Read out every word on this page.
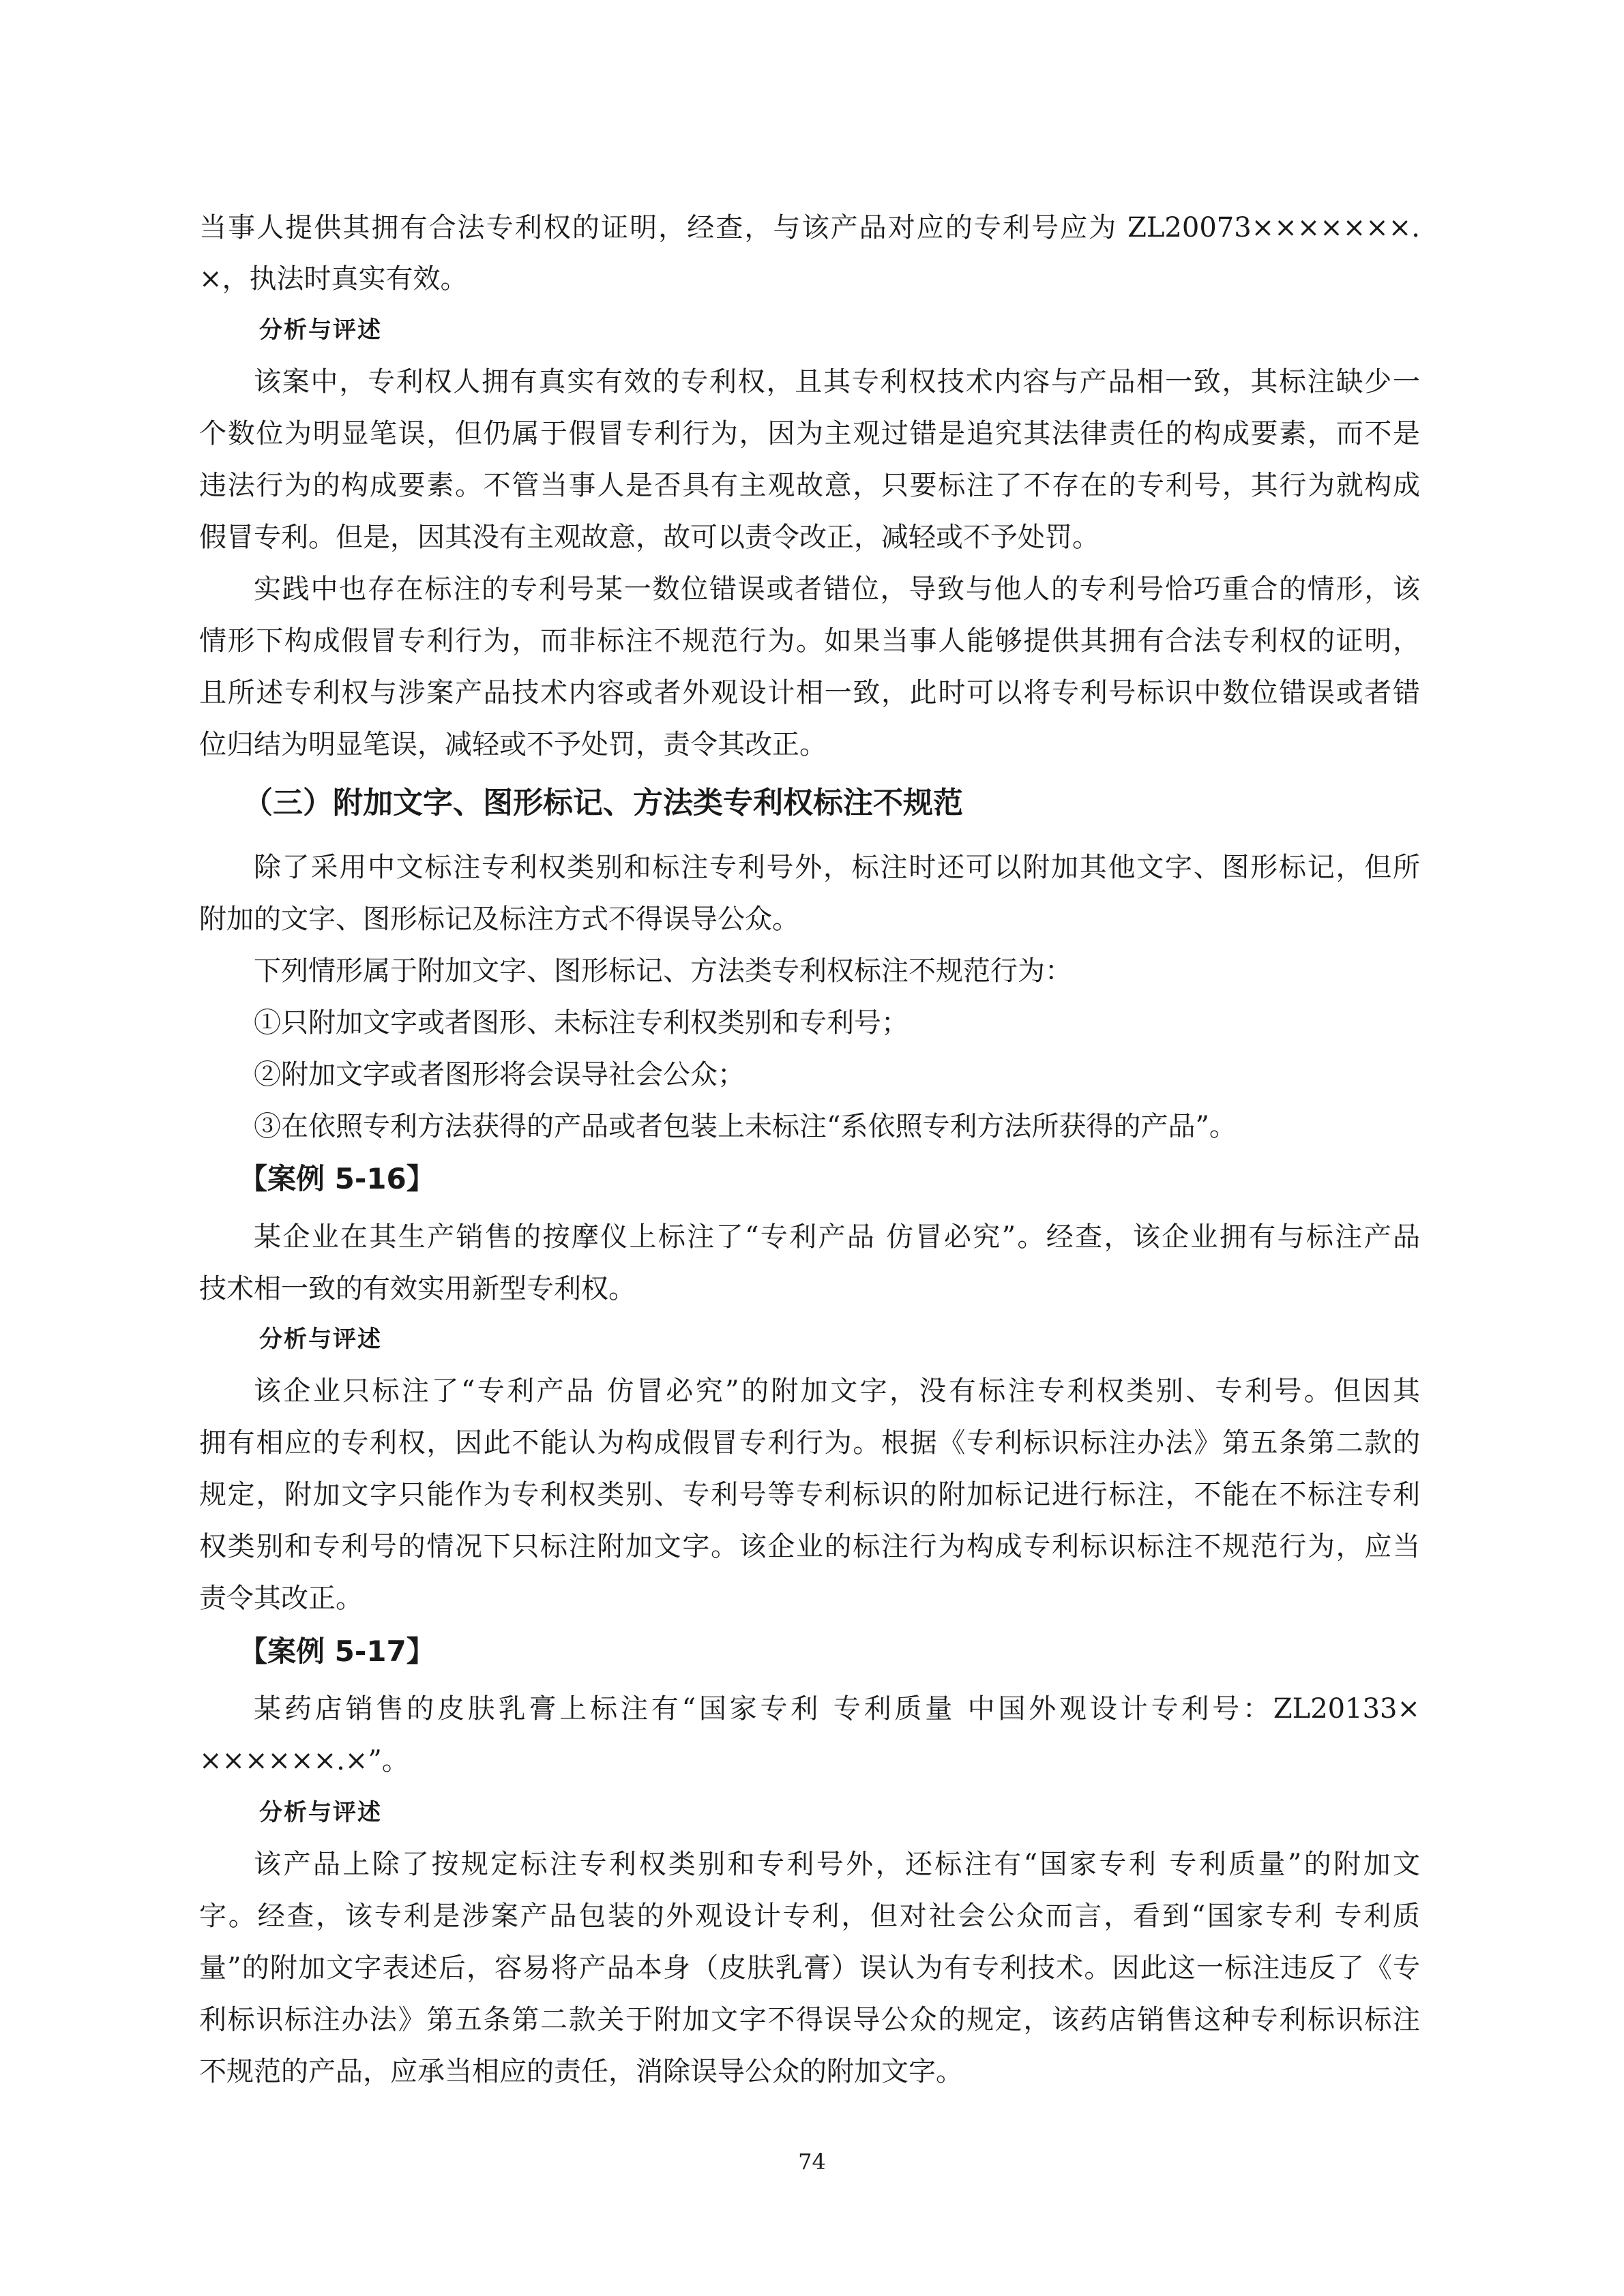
当事人提供其拥有合法专利权的证明，经查，与该产品对应的专利号应为 ZL20073×××××××.
×，执法时真实有效。
分析与评述
该案中，专利权人拥有真实有效的专利权，且其专利权技术内容与产品相一致，其标注缺少一
个数位为明显笔误，但仍属于假冒专利行为，因为主观过错是追究其法律责任的构成要素，而不是
违法行为的构成要素。不管当事人是否具有主观故意，只要标注了不存在的专利号，其行为就构成
假冒专利。但是，因其没有主观故意，故可以责令改正，减轻或不予处罚。
实践中也存在标注的专利号某一数位错误或者错位，导致与他人的专利号恰巧重合的情形，该
情形下构成假冒专利行为，而非标注不规范行为。如果当事人能够提供其拥有合法专利权的证明，
且所述专利权与涉案产品技术内容或者外观设计相一致，此时可以将专利号标识中数位错误或者错
位归结为明显笔误，减轻或不予处罚，责令其改正。
（三）附加文字、图形标记、方法类专利权标注不规范
除了采用中文标注专利权类别和标注专利号外，标注时还可以附加其他文字、图形标记，但所
附加的文字、图形标记及标注方式不得误导公众。
下列情形属于附加文字、图形标记、方法类专利权标注不规范行为：
①只附加文字或者图形、未标注专利权类别和专利号；
②附加文字或者图形将会误导社会公众；
③在依照专利方法获得的产品或者包装上未标注“系依照专利方法所获得的产品”。
【案例 5-16】
某企业在其生产销售的按摩仪上标注了“专利产品 仿冒必究”。经查，该企业拥有与标注产品
技术相一致的有效实用新型专利权。
分析与评述
该企业只标注了“专利产品 仿冒必究”的附加文字，没有标注专利权类别、专利号。但因其
拥有相应的专利权，因此不能认为构成假冒专利行为。根据《专利标识标注办法》第五条第二款的
规定，附加文字只能作为专利权类别、专利号等专利标识的附加标记进行标注，不能在不标注专利
权类别和专利号的情况下只标注附加文字。该企业的标注行为构成专利标识标注不规范行为，应当
责令其改正。
【案例 5-17】
某药店销售的皮肤乳膏上标注有“国家专利 专利质量 中国外观设计专利号：ZL20133×
××××××.×”。
分析与评述
该产品上除了按规定标注专利权类别和专利号外，还标注有“国家专利 专利质量”的附加文
字。经查，该专利是涉案产品包装的外观设计专利，但对社会公众而言，看到“国家专利 专利质
量”的附加文字表述后，容易将产品本身（皮肤乳膏）误认为有专利技术。因此这一标注违反了《专
利标识标注办法》第五条第二款关于附加文字不得误导公众的规定，该药店销售这种专利标识标注
不规范的产品，应承当相应的责任，消除误导公众的附加文字。
74
